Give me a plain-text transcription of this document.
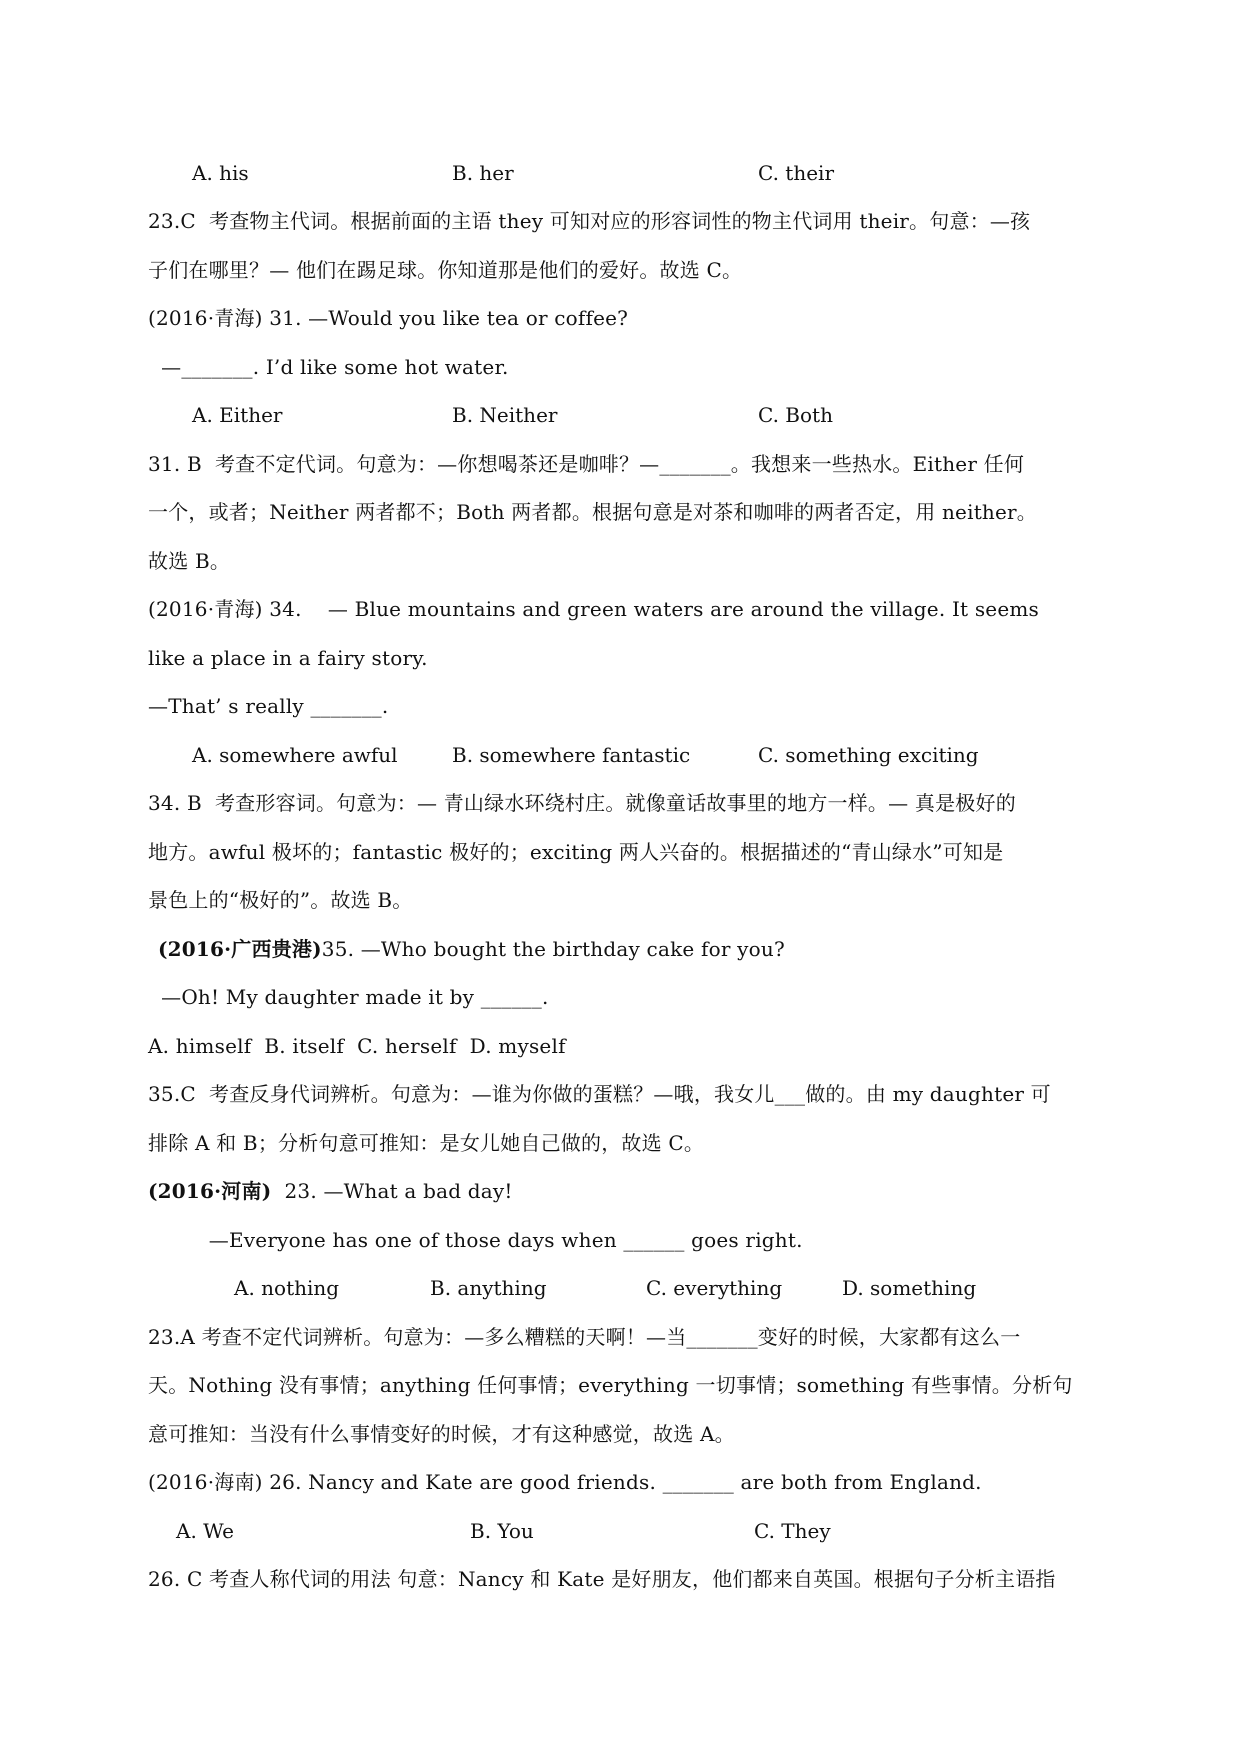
A. his	B. her	C. their
23.C  考查物主代词。根据前面的主语 they 可知对应的形容词性的物主代词用 their。句意：—孩
子们在哪里？— 他们在踢足球。你知道那是他们的爱好。故选 C。
(2016·青海) 31. —Would you like tea or coffee?
—_______. I’d like some hot water.
A. Either	B. Neither	C. Both
31. B  考查不定代词。句意为：—你想喝茶还是咖啡？—_______。我想来一些热水。Either 任何
一个，或者；Neither 两者都不；Both 两者都。根据句意是对茶和咖啡的两者否定，用 neither。
故选 B。
(2016·青海) 34.    — Blue mountains and green waters are around the village. It seems
like a place in a fairy story.
—That’ s really _______.
A. somewhere awful	B. somewhere fantastic	C. something exciting
34. B  考查形容词。句意为：— 青山绿水环绕村庄。就像童话故事里的地方一样。— 真是极好的
地方。awful 极坏的；fantastic 极好的；exciting 两人兴奋的。根据描述的“青山绿水”可知是
景色上的“极好的”。故选 B。
(2016·广西贵港)35. —Who bought the birthday cake for you?
—Oh! My daughter made it by ______.
A. himself  B. itself  C. herself  D. myself
35.C  考查反身代词辨析。句意为：—谁为你做的蛋糕？—哦，我女儿___做的。由 my daughter 可
排除 A 和 B；分析句意可推知：是女儿她自己做的，故选 C。
(2016·河南)  23. —What a bad day!
—Everyone has one of those days when ______ goes right.
A. nothing	B. anything	C. everything	D. something
23.A 考查不定代词辨析。句意为：—多么糟糕的天啊！—当_______变好的时候，大家都有这么一
天。Nothing 没有事情；anything 任何事情；everything 一切事情；something 有些事情。分析句
意可推知：当没有什么事情变好的时候，才有这种感觉，故选 A。
(2016·海南) 26. Nancy and Kate are good friends. _______ are both from England.
A. We	B. You	C. They
26. C 考查人称代词的用法 句意：Nancy 和 Kate 是好朋友，他们都来自英国。根据句子分析主语指
